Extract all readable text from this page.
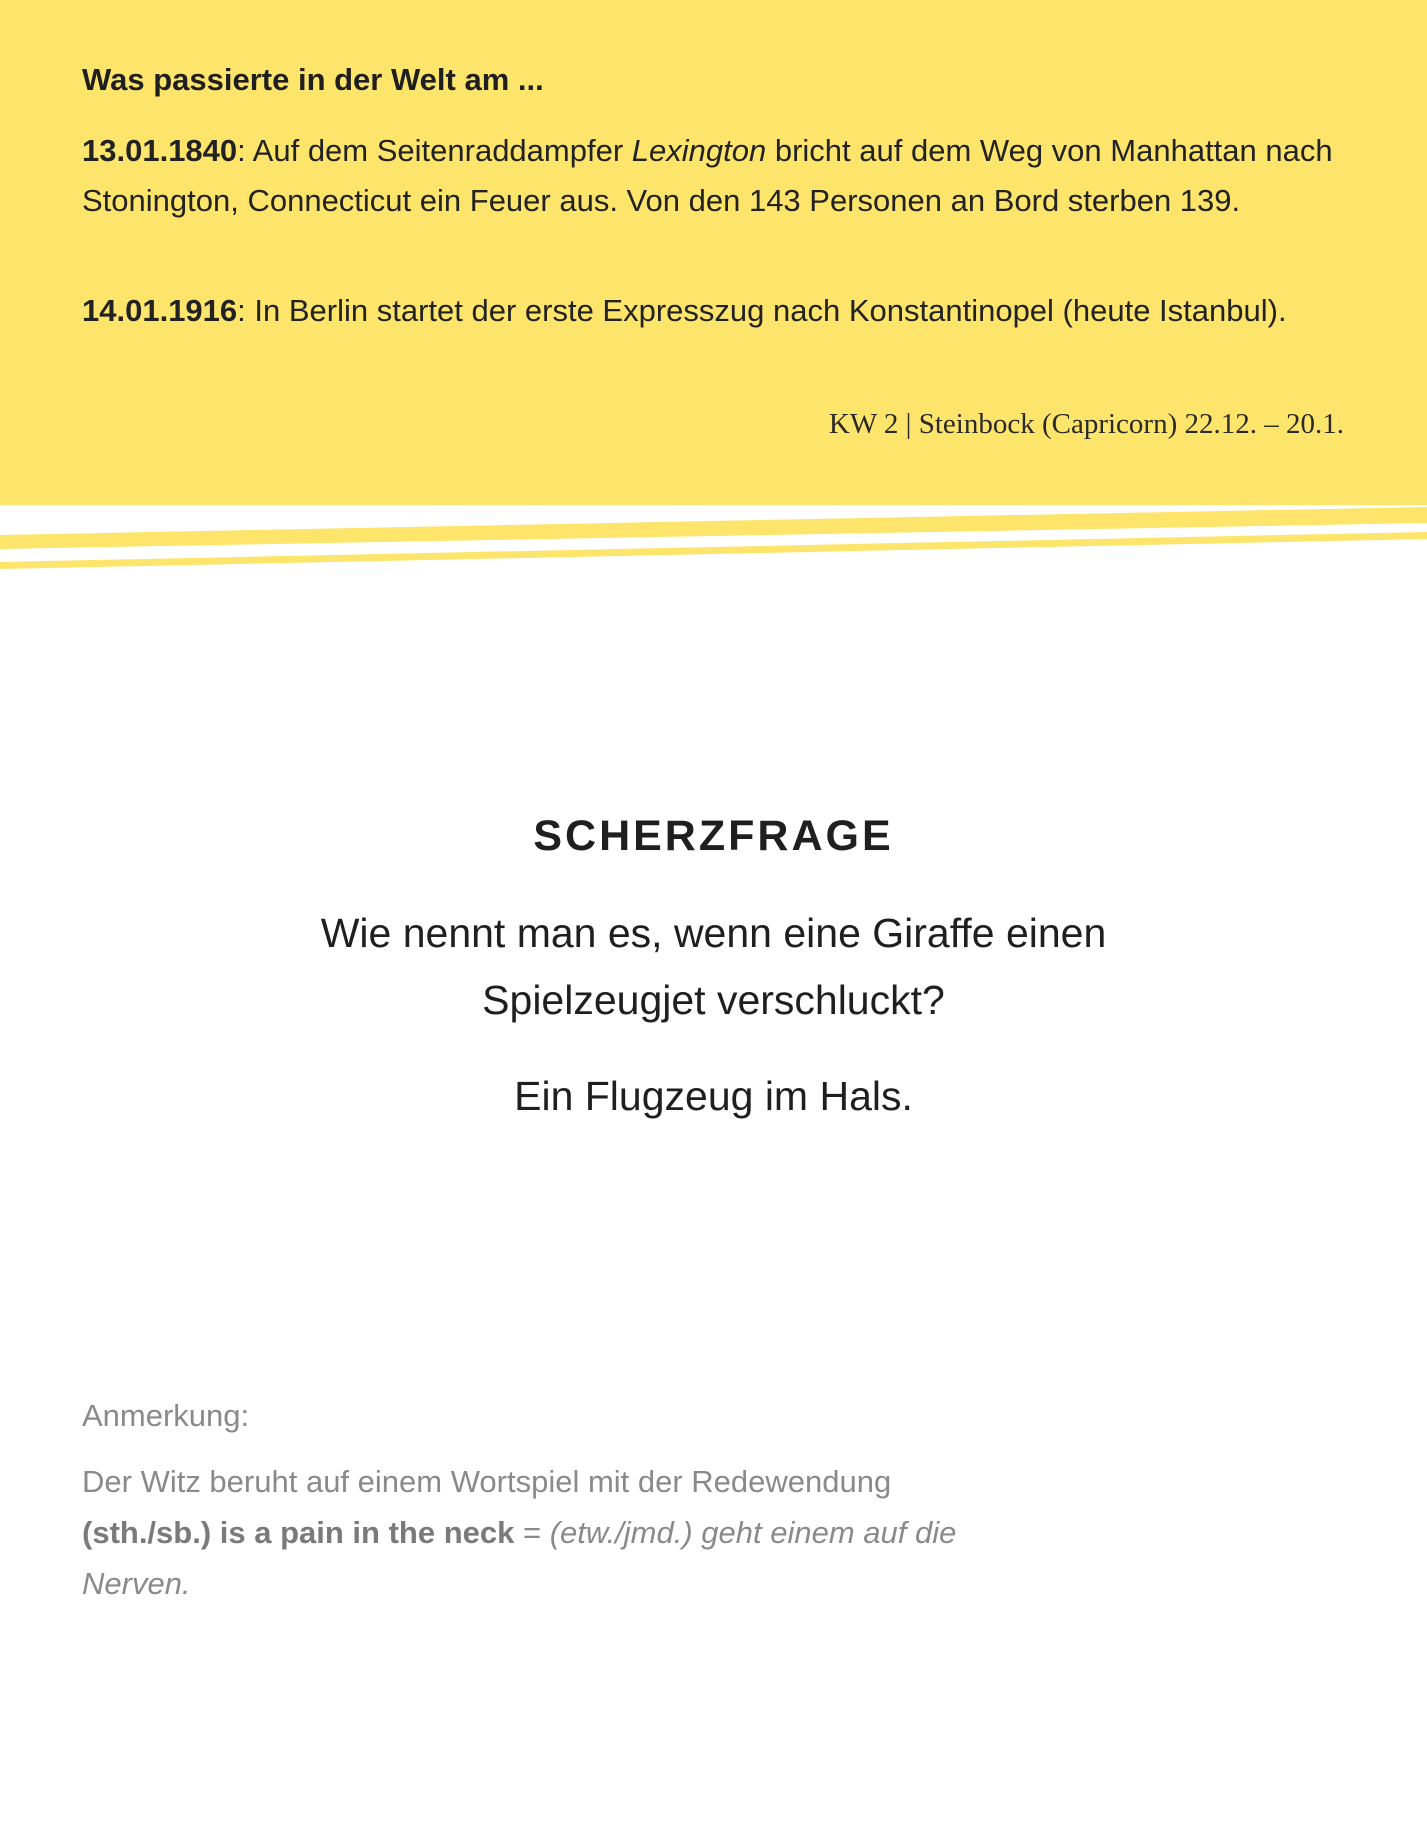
Was passierte in der Welt am ...

13.01.1840: Auf dem Seitenraddampfer Lexington bricht auf dem Weg von Manhattan nach Stonington, Connecticut ein Feuer aus. Von den 143 Personen an Bord sterben 139.

14.01.1916: In Berlin startet der erste Expresszug nach Konstantinopel (heute Istanbul).

KW 2 | Steinbock (Capricorn) 22.12. – 20.1.

SCHERZFRAGE

Wie nennt man es, wenn eine Giraffe einen
Spielzeugjet verschluckt?

Ein Flugzeug im Hals.

Anmerkung:

Der Witz beruht auf einem Wortspiel mit der Redewendung
(sth./sb.) is a pain in the neck = (etw./jmd.) geht einem auf die Nerven.
